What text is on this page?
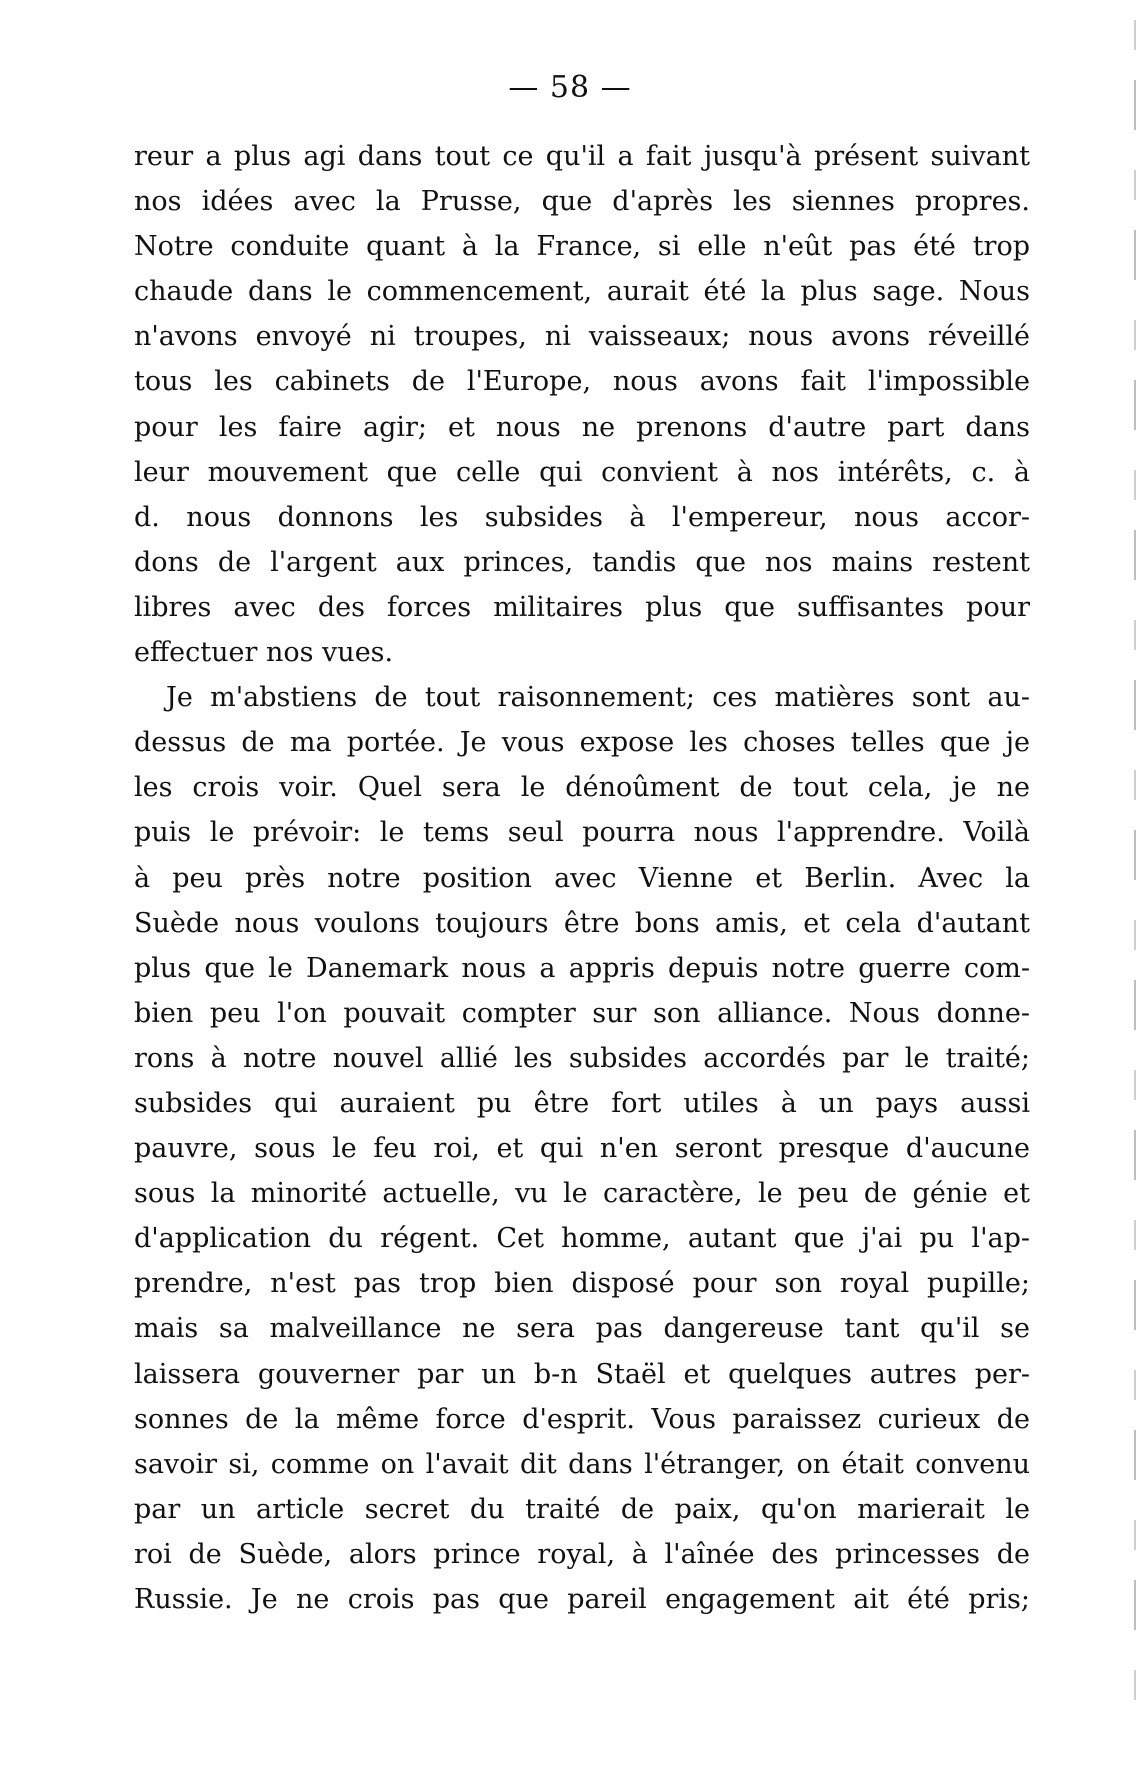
— 58 —
reur a plus agi dans tout ce qu'il a fait jusqu'à présent suivant
nos idées avec la Prusse, que d'après les siennes propres.
Notre conduite quant à la France, si elle n'eût pas été trop
chaude dans le commencement, aurait été la plus sage. Nous
n'avons envoyé ni troupes, ni vaisseaux; nous avons réveillé
tous les cabinets de l'Europe, nous avons fait l'impossible
pour les faire agir; et nous ne prenons d'autre part dans
leur mouvement que celle qui convient à nos intérêts, c. à
d. nous donnons les subsides à l'empereur, nous accor-
dons de l'argent aux princes, tandis que nos mains restent
libres avec des forces militaires plus que suffisantes pour
effectuer nos vues.
Je m'abstiens de tout raisonnement; ces matières sont au-
dessus de ma portée. Je vous expose les choses telles que je
les crois voir. Quel sera le dénoûment de tout cela, je ne
puis le prévoir: le tems seul pourra nous l'apprendre. Voilà
à peu près notre position avec Vienne et Berlin. Avec la
Suède nous voulons toujours être bons amis, et cela d'autant
plus que le Danemark nous a appris depuis notre guerre com-
bien peu l'on pouvait compter sur son alliance. Nous donne-
rons à notre nouvel allié les subsides accordés par le traité;
subsides qui auraient pu être fort utiles à un pays aussi
pauvre, sous le feu roi, et qui n'en seront presque d'aucune
sous la minorité actuelle, vu le caractère, le peu de génie et
d'application du régent. Cet homme, autant que j'ai pu l'ap-
prendre, n'est pas trop bien disposé pour son royal pupille;
mais sa malveillance ne sera pas dangereuse tant qu'il se
laissera gouverner par un b-n Staël et quelques autres per-
sonnes de la même force d'esprit. Vous paraissez curieux de
savoir si, comme on l'avait dit dans l'étranger, on était convenu
par un article secret du traité de paix, qu'on marierait le
roi de Suède, alors prince royal, à l'aînée des princesses de
Russie. Je ne crois pas que pareil engagement ait été pris;
